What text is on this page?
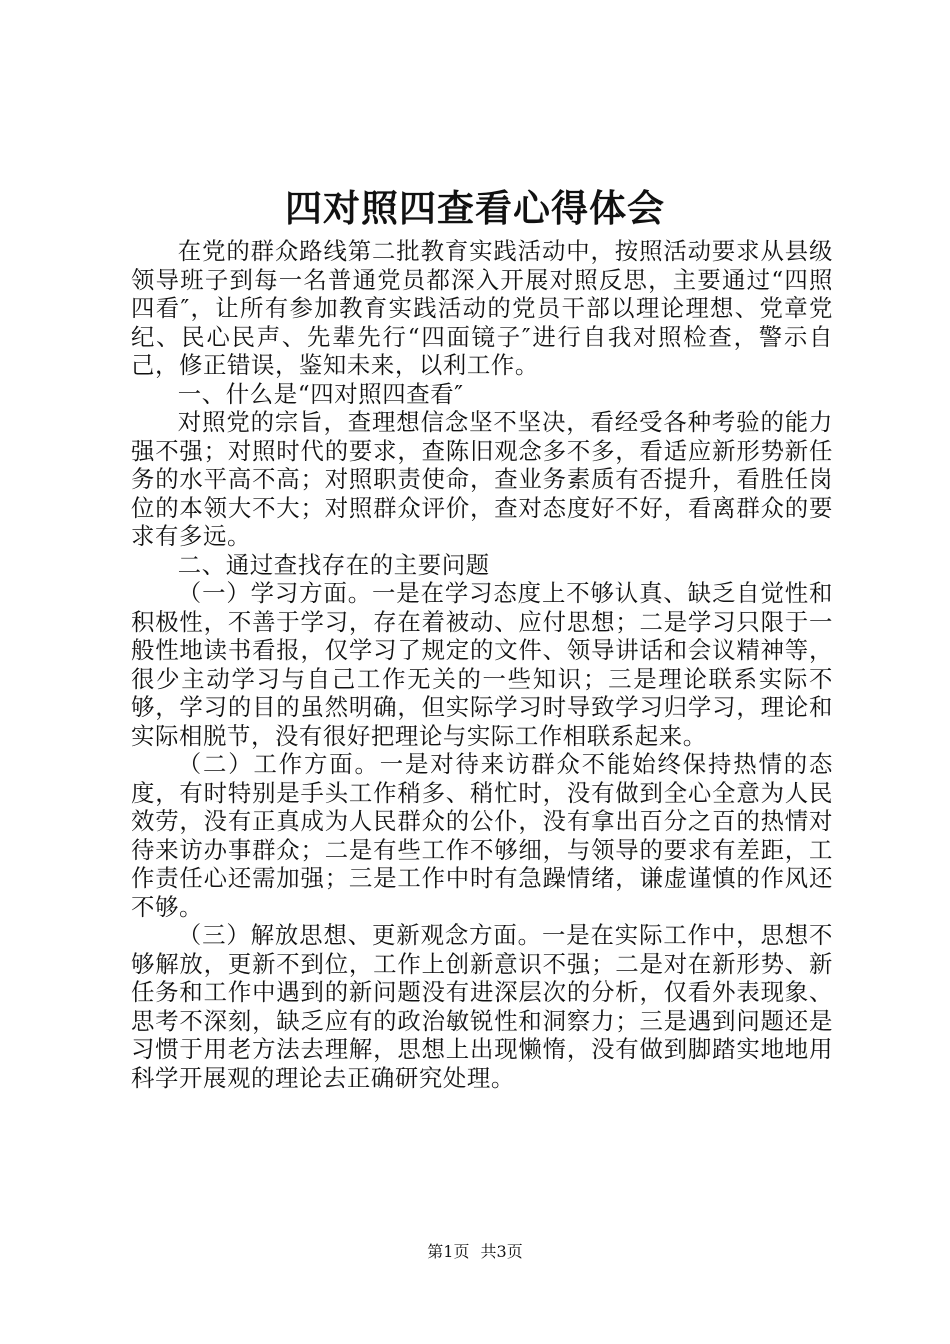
四对照四查看心得体会

在党的群众路线第二批教育实践活动中，按照活动要求从县级领导班子到每一名普通党员都深入开展对照反思，主要通过“四照四看″，让所有参加教育实践活动的党员干部以理论理想、党章党纪、民心民声、先辈先行“四面镜子″进行自我对照检查，警示自己，修正错误，鉴知未来，以利工作。

一、什么是“四对照四查看″

对照党的宗旨，查理想信念坚不坚决，看经受各种考验的能力强不强；对照时代的要求，查陈旧观念多不多，看适应新形势新任务的水平高不高；对照职责使命，查业务素质有否提升，看胜任岗位的本领大不大；对照群众评价，查对态度好不好，看离群众的要求有多远。

二、通过查找存在的主要问题

（一）学习方面。一是在学习态度上不够认真、缺乏自觉性和积极性，不善于学习，存在着被动、应付思想；二是学习只限于一般性地读书看报，仅学习了规定的文件、领导讲话和会议精神等，很少主动学习与自己工作无关的一些知识；三是理论联系实际不够，学习的目的虽然明确，但实际学习时导致学习归学习，理论和实际相脱节，没有很好把理论与实际工作相联系起来。

（二）工作方面。一是对待来访群众不能始终保持热情的态度，有时特别是手头工作稍多、稍忙时，没有做到全心全意为人民效劳，没有正真成为人民群众的公仆，没有拿出百分之百的热情对待来访办事群众；二是有些工作不够细，与领导的要求有差距，工作责任心还需加强；三是工作中时有急躁情绪，谦虚谨慎的作风还不够。

（三）解放思想、更新观念方面。一是在实际工作中，思想不够解放，更新不到位，工作上创新意识不强；二是对在新形势、新任务和工作中遇到的新问题没有进深层次的分析，仅看外表现象、思考不深刻，缺乏应有的政治敏锐性和洞察力；三是遇到问题还是习惯于用老方法去理解，思想上出现懒惰，没有做到脚踏实地地用科学开展观的理论去正确研究处理。

第1页 共3页
